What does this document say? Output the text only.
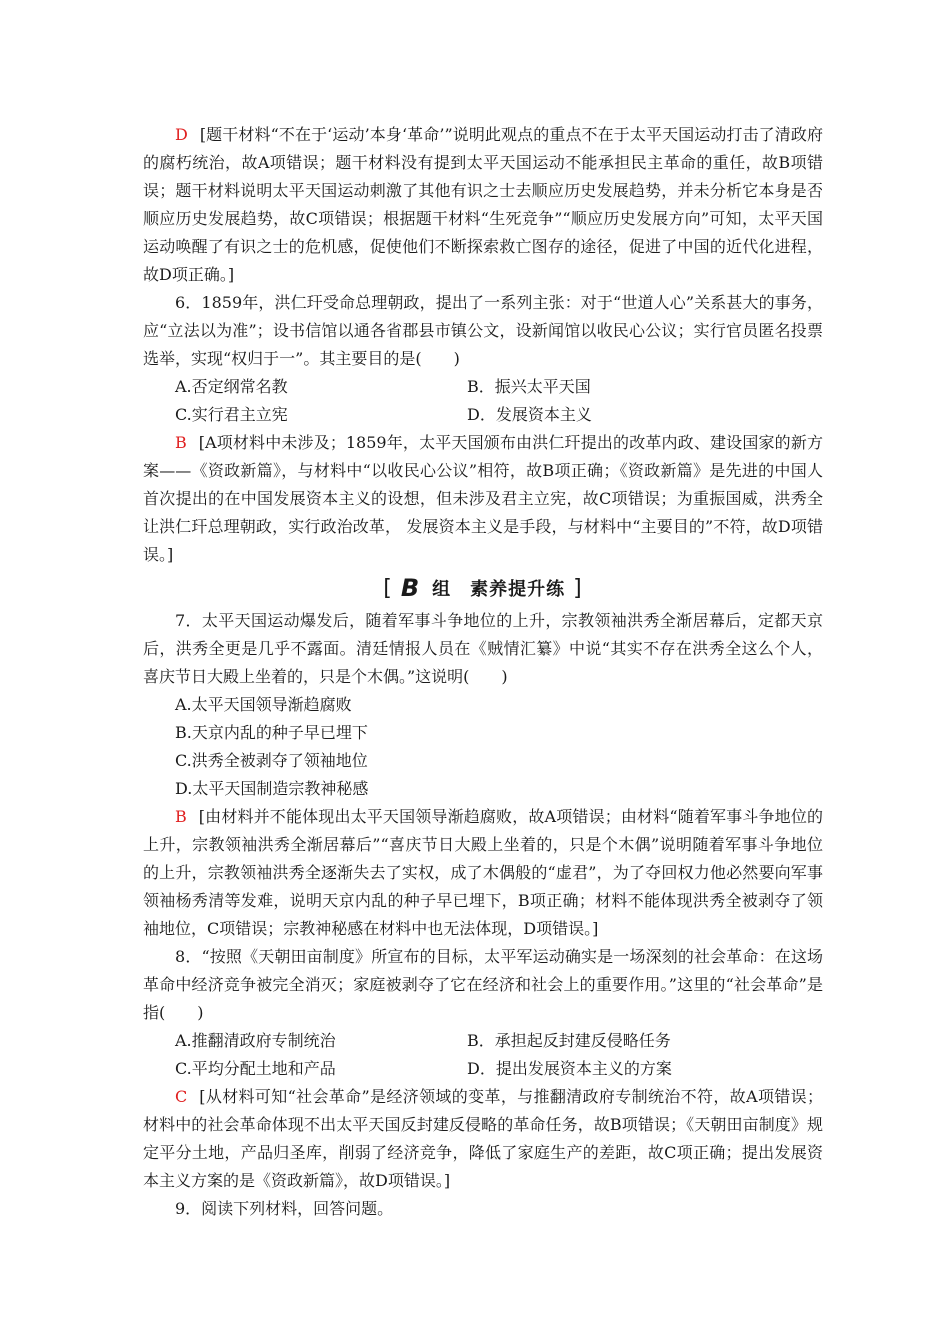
D [题干材料“不在于‘运动’本身‘革命’”说明此观点的重点不在于太平天国运动打击了清政府的腐朽统治，故A项错误；题干材料没有提到太平天国运动不能承担民主革命的重任，故B项错误；题干材料说明太平天国运动刺激了其他有识之士去顺应历史发展趋势，并未分析它本身是否顺应历史发展趋势，故C项错误；根据题干材料“生死竞争”“顺应历史发展方向”可知，太平天国运动唤醒了有识之士的危机感，促使他们不断探索救亡图存的途径，促进了中国的近代化进程，故D项正确。]

6．1859年，洪仁玕受命总理朝政，提出了一系列主张：对于“世道人心”关系甚大的事务，应“立法以为准”；设书信馆以通各省郡县市镇公文，设新闻馆以收民心公议；实行官员匿名投票选举，实现“权归于一”。其主要目的是(　　)

A.否定纲常名教	B．振兴太平天国
C.实行君主立宪	D．发展资本主义

B [A项材料中未涉及；1859年，太平天国颁布由洪仁玕提出的改革内政、建设国家的新方案——《资政新篇》，与材料中“以收民心公议”相符，故B项正确；《资政新篇》是先进的中国人首次提出的在中国发展资本主义的设想，但未涉及君主立宪，故C项错误；为重振国威，洪秀全让洪仁玕总理朝政，实行政治改革， 发展资本主义是手段，与材料中“主要目的”不符，故D项错误。]

[ B 组　素养提升练 ]

7．太平天国运动爆发后，随着军事斗争地位的上升，宗教领袖洪秀全渐居幕后，定都天京后，洪秀全更是几乎不露面。清廷情报人员在《贼情汇纂》中说“其实不存在洪秀全这么个人，喜庆节日大殿上坐着的，只是个木偶。”这说明(　　)

A.太平天国领导渐趋腐败
B.天京内乱的种子早已埋下
C.洪秀全被剥夺了领袖地位
D.太平天国制造宗教神秘感

B [由材料并不能体现出太平天国领导渐趋腐败，故A项错误；由材料“随着军事斗争地位的上升，宗教领袖洪秀全渐居幕后”“喜庆节日大殿上坐着的，只是个木偶”说明随着军事斗争地位的上升，宗教领袖洪秀全逐渐失去了实权，成了木偶般的“虚君”，为了夺回权力他必然要向军事领袖杨秀清等发难，说明天京内乱的种子早已埋下，B项正确；材料不能体现洪秀全被剥夺了领袖地位，C项错误；宗教神秘感在材料中也无法体现，D项错误。]

8．“按照《天朝田亩制度》所宣布的目标，太平军运动确实是一场深刻的社会革命：在这场革命中经济竞争被完全消灭；家庭被剥夺了它在经济和社会上的重要作用。”这里的“社会革命”是指(　　)

A.推翻清政府专制统治	B．承担起反封建反侵略任务
C.平均分配土地和产品	D．提出发展资本主义的方案

C [从材料可知“社会革命”是经济领域的变革，与推翻清政府专制统治不符，故A项错误；材料中的社会革命体现不出太平天国反封建反侵略的革命任务，故B项错误；《天朝田亩制度》规定平分土地，产品归圣库，削弱了经济竞争，降低了家庭生产的差距，故C项正确；提出发展资本主义方案的是《资政新篇》，故D项错误。]

9．阅读下列材料，回答问题。
